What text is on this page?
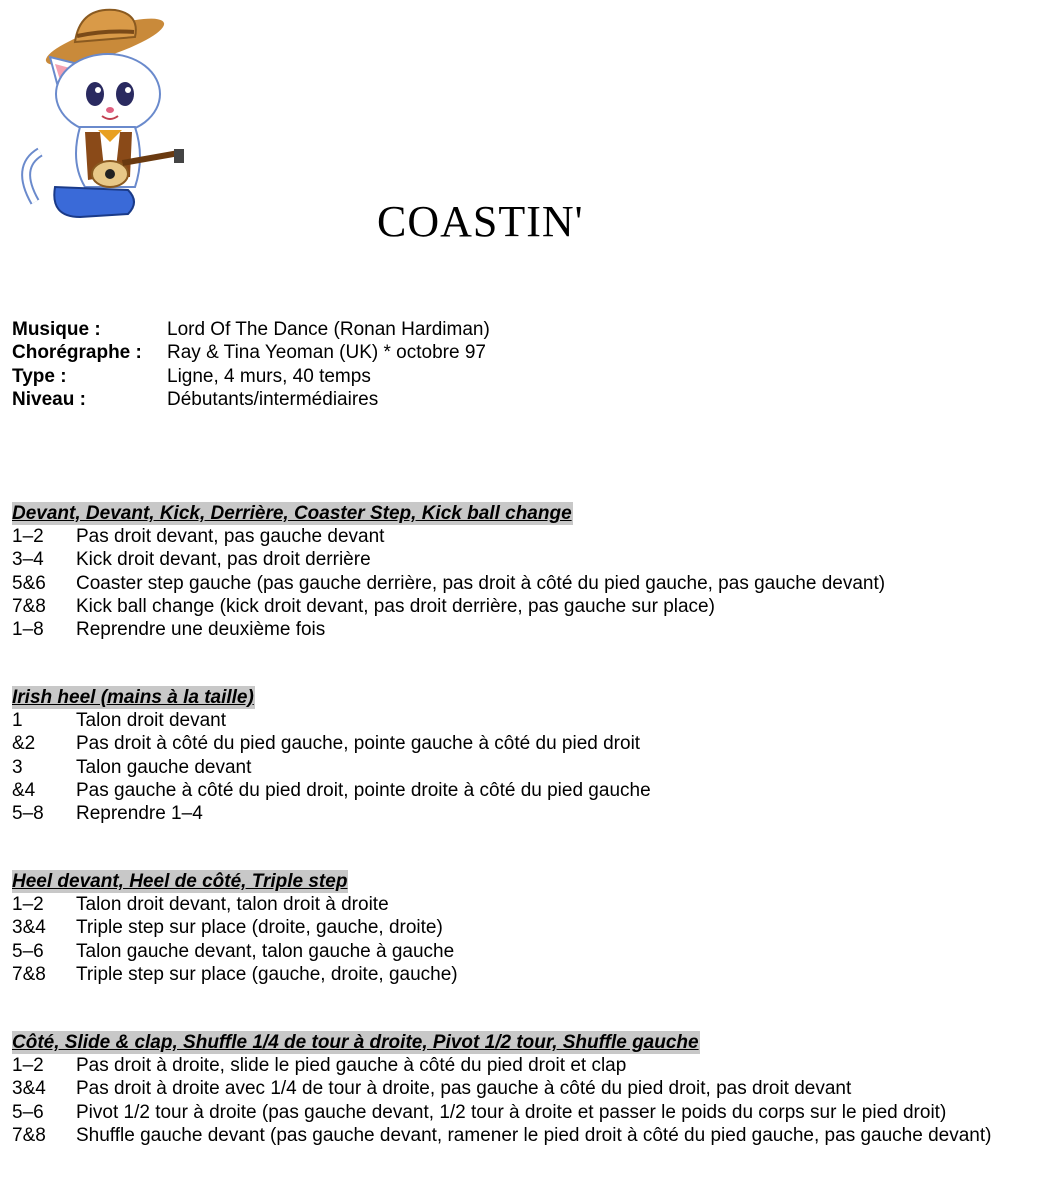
COASTIN'
Musique :	Lord Of The Dance (Ronan Hardiman)
Chorégraphe :	Ray & Tina Yeoman (UK) * octobre 97
Type :	Ligne, 4 murs, 40 temps
Niveau :	Débutants/intermédiaires
Devant, Devant, Kick, Derrière, Coaster Step, Kick ball change
1–2	Pas droit devant, pas gauche devant
3–4	Kick droit devant, pas droit derrière
5&6	Coaster step gauche (pas gauche derrière, pas droit à côté du pied gauche, pas gauche devant)
7&8	Kick ball change (kick droit devant, pas droit derrière, pas gauche sur place)
1–8	Reprendre une deuxième fois
Irish heel (mains à la taille)
1	Talon droit devant
&2	Pas droit à côté du pied gauche, pointe gauche à côté du pied droit
3	Talon gauche devant
&4	Pas gauche à côté du pied droit, pointe droite à côté du pied gauche
5–8	Reprendre 1–4
Heel devant, Heel de côté, Triple step
1–2	Talon droit devant, talon droit à droite
3&4	Triple step sur place (droite, gauche, droite)
5–6	Talon gauche devant, talon gauche à gauche
7&8	Triple step sur place (gauche, droite, gauche)
Côté, Slide & clap, Shuffle 1/4 de tour à droite, Pivot 1/2 tour, Shuffle gauche
1–2	Pas droit à droite, slide le pied gauche à côté du pied droit et clap
3&4	Pas droit à droite avec 1/4 de tour à droite, pas gauche à côté du pied droit, pas droit devant
5–6	Pivot 1/2 tour à droite (pas gauche devant, 1/2 tour à droite et passer le poids du corps sur le pied droit)
7&8	Shuffle gauche devant (pas gauche devant, ramener le pied droit à côté du pied gauche, pas gauche devant)
